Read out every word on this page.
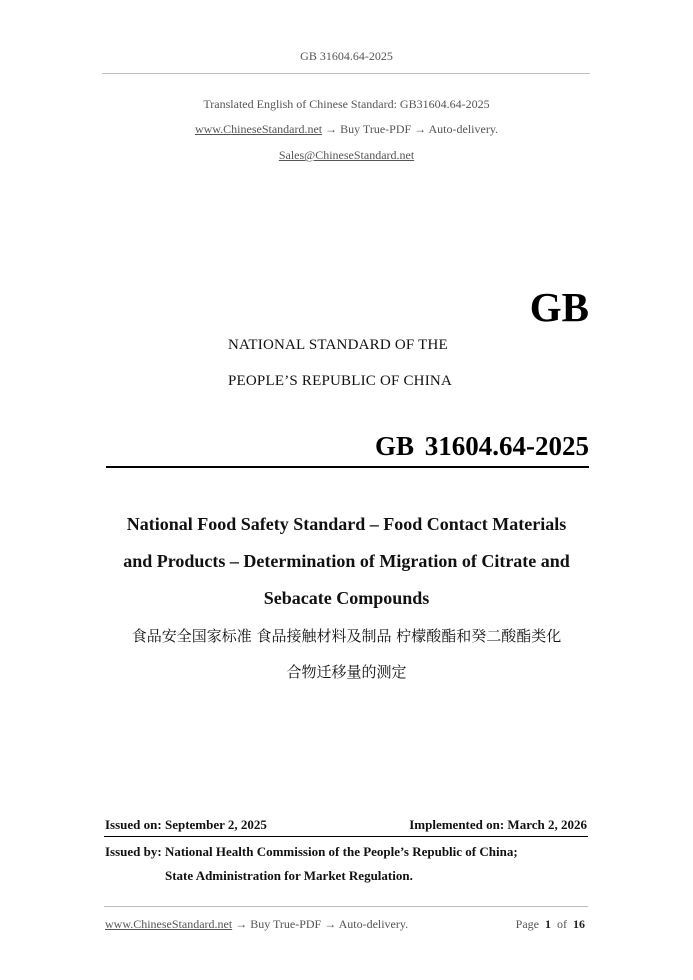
GB 31604.64-2025
Translated English of Chinese Standard: GB31604.64-2025
www.ChineseStandard.net → Buy True-PDF → Auto-delivery.
Sales@ChineseStandard.net
GB
NATIONAL STANDARD OF THE
PEOPLE’S REPUBLIC OF CHINA
GB 31604.64-2025
National Food Safety Standard – Food Contact Materials
and Products – Determination of Migration of Citrate and
Sebacate Compounds
食品安全国家标准 食品接触材料及制品 柠檬酸酯和癸二酸酯类化
合物迁移量的测定
Issued on: September 2, 2025	Implemented on: March 2, 2026
Issued by: National Health Commission of the People’s Republic of China;
State Administration for Market Regulation.
www.ChineseStandard.net → Buy True-PDF → Auto-delivery.	Page 1 of 16
